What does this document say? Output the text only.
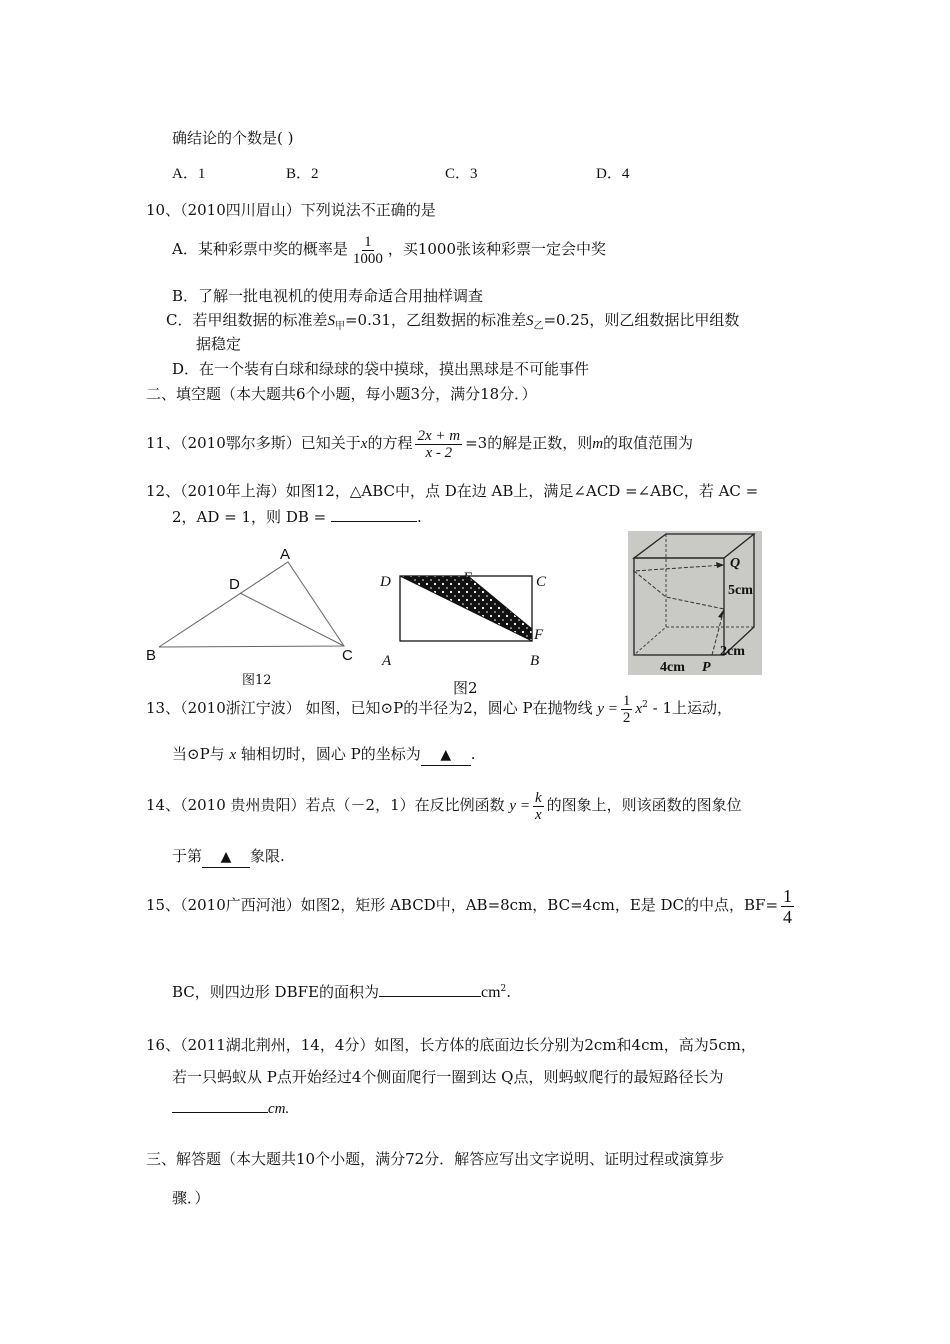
确结论的个数是( )
A．1	B．2	C．3	D．4
10、（2010四川眉山）下列说法不正确的是
A．某种彩票中奖的概率是 $\frac{1}{1000}$ ，买1000张该种彩票一定会中奖
B．了解一批电视机的使用寿命适合用抽样调查
C．若甲组数据的标准差$S_甲=0.31$，乙组数据的标准差$S_乙=0.25$，则乙组数据比甲组数
据稳定
D．在一个装有白球和绿球的袋中摸球，摸出黑球是不可能事件
二、填空题（本大题共6个小题，每小题3分，满分18分．）
11、（2010鄂尔多斯）已知关于x的方程 $\frac{2x + m}{x - 2} =3$的解是正数，则m的取值范围为
12、（2010年上海）如图12，△ABC中，点 D在边 AB上，满足∠ACD =∠ABC，若 AC =
2，AD = 1，则 DB =	.
A
D
B	C
图12
D	E	C
F
A	B
图2
Q
5cm
2cm
4cm P
13、（2010浙江宁波） 如图，已知⊙P的半径为2，圆心 P在抛物线 $y = \frac{1}{2} x^2 - 1$上运动，
当⊙P与 x 轴相切时，圆心 P的坐标为 ▲ .
14、（2010 贵州贵阳）若点（－2，1）在反比例函数 $y = \frac{k}{x}$ 的图象上，则该函数的图象位
于第 ▲ 象限.
15、（2010广西河池）如图2，矩形 ABCD中，AB=8cm，BC=4cm，E是 DC的中点，$BF= \frac{1}{4}$
BC，则四边形 DBFE的面积为	$cm^2$.
16、（2011湖北荆州，14，4分）如图，长方体的底面边长分别为2cm和4cm，高为5cm，
若一只蚂蚁从 P点开始经过4个侧面爬行一圈到达 Q点，则蚂蚁爬行的最短路径长为
cm.
三、解答题（本大题共10个小题，满分72分．解答应写出文字说明、证明过程或演算步
骤．）
